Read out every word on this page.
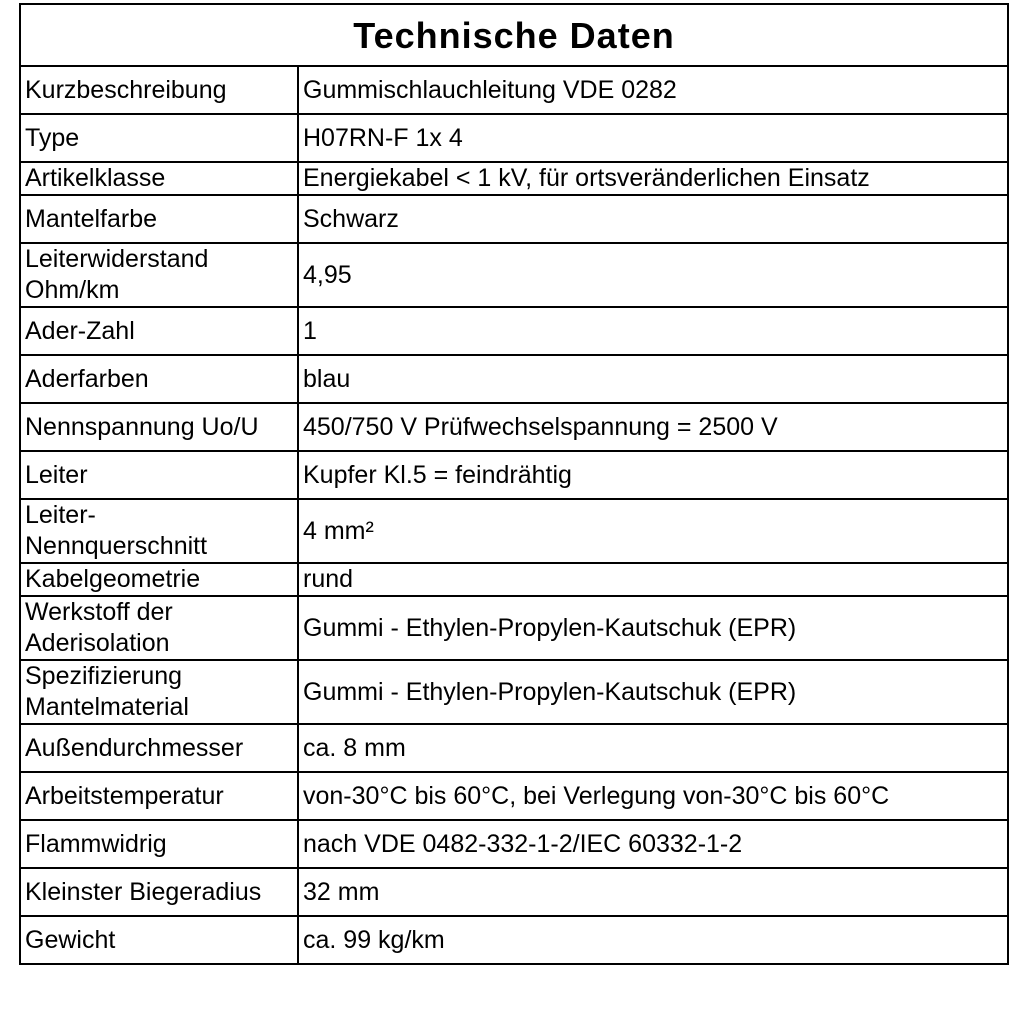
Technische Daten	
Kurzbeschreibung	Gummischlauchleitung VDE 0282
Type	H07RN-F 1x 4
Artikelklasse	Energiekabel < 1 kV, für ortsveränderlichen Einsatz
Mantelfarbe	Schwarz
Leiterwiderstand
Ohm/km	4,95
Ader-Zahl	1
Aderfarben	blau
Nennspannung Uo/U	450/750 V Prüfwechselspannung = 2500 V
Leiter	Kupfer Kl.5 = feindrähtig
Leiter-
Nennquerschnitt	4 mm²
Kabelgeometrie	rund
Werkstoff der
Aderisolation	Gummi - Ethylen-Propylen-Kautschuk (EPR)
Spezifizierung
Mantelmaterial	Gummi - Ethylen-Propylen-Kautschuk (EPR)
Außendurchmesser	ca. 8 mm
Arbeitstemperatur	von-30°C bis 60°C, bei Verlegung von-30°C bis 60°C
Flammwidrig	nach VDE 0482-332-1-2/IEC 60332-1-2
Kleinster Biegeradius	32 mm
Gewicht	ca. 99 kg/km
